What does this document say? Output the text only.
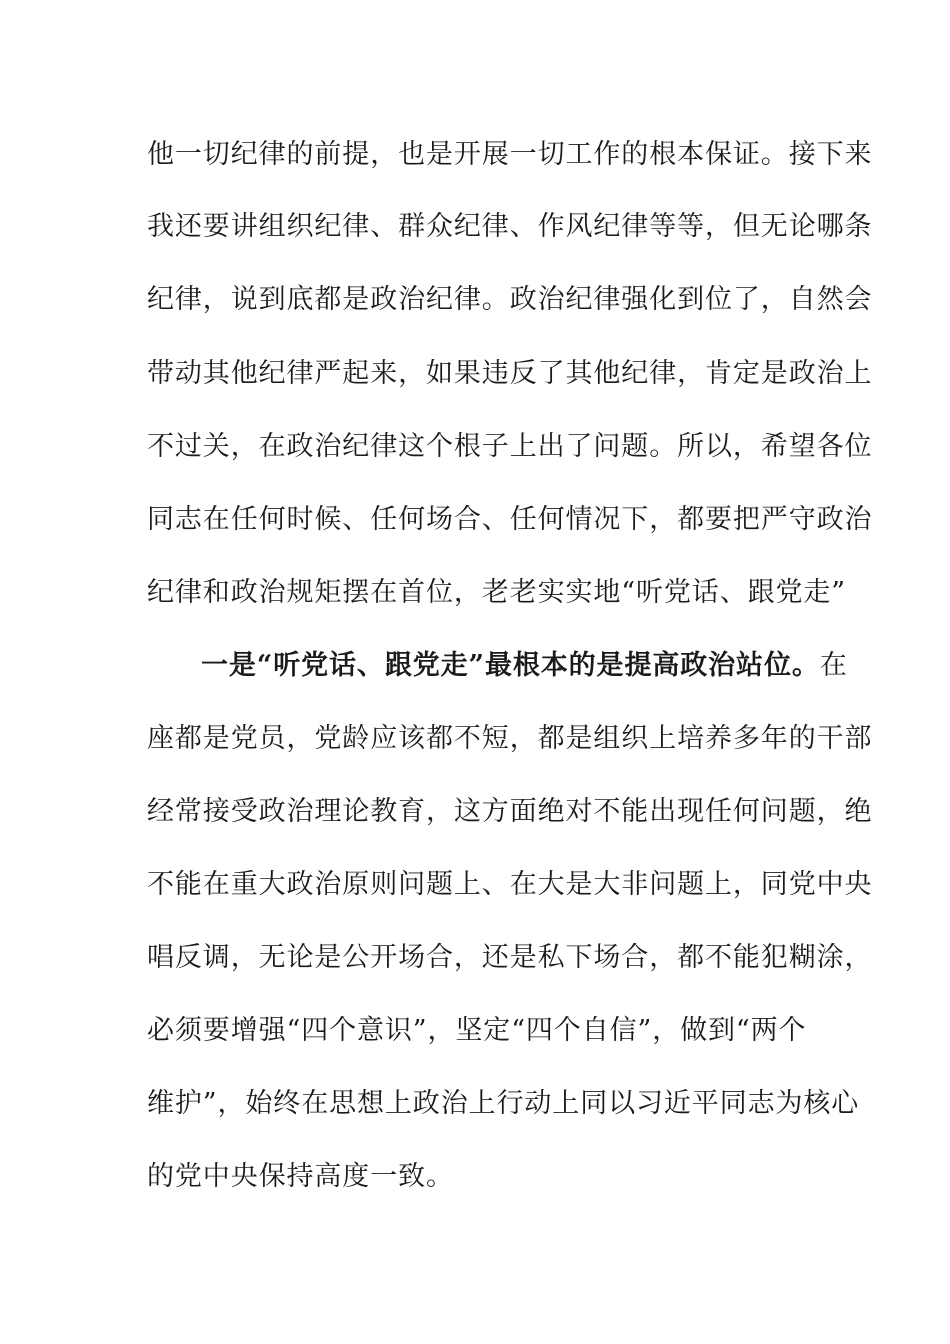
他一切纪律的前提，也是开展一切工作的根本保证。接下来
我还要讲组织纪律、群众纪律、作风纪律等等，但无论哪条
纪律，说到底都是政治纪律。政治纪律强化到位了，自然会
带动其他纪律严起来，如果违反了其他纪律，肯定是政治上
不过关，在政治纪律这个根子上出了问题。所以，希望各位
同志在任何时候、任何场合、任何情况下，都要把严守政治
纪律和政治规矩摆在首位，老老实实地“听党话、跟党走”
一是“听党话、跟党走”最根本的是提高政治站位。在
座都是党员，党龄应该都不短，都是组织上培养多年的干部
经常接受政治理论教育，这方面绝对不能出现任何问题，绝
不能在重大政治原则问题上、在大是大非问题上，同党中央
唱反调，无论是公开场合，还是私下场合，都不能犯糊涂，
必须要增强“四个意识”，坚定“四个自信”，做到“两个
维护”，始终在思想上政治上行动上同以习近平同志为核心
的党中央保持高度一致。
